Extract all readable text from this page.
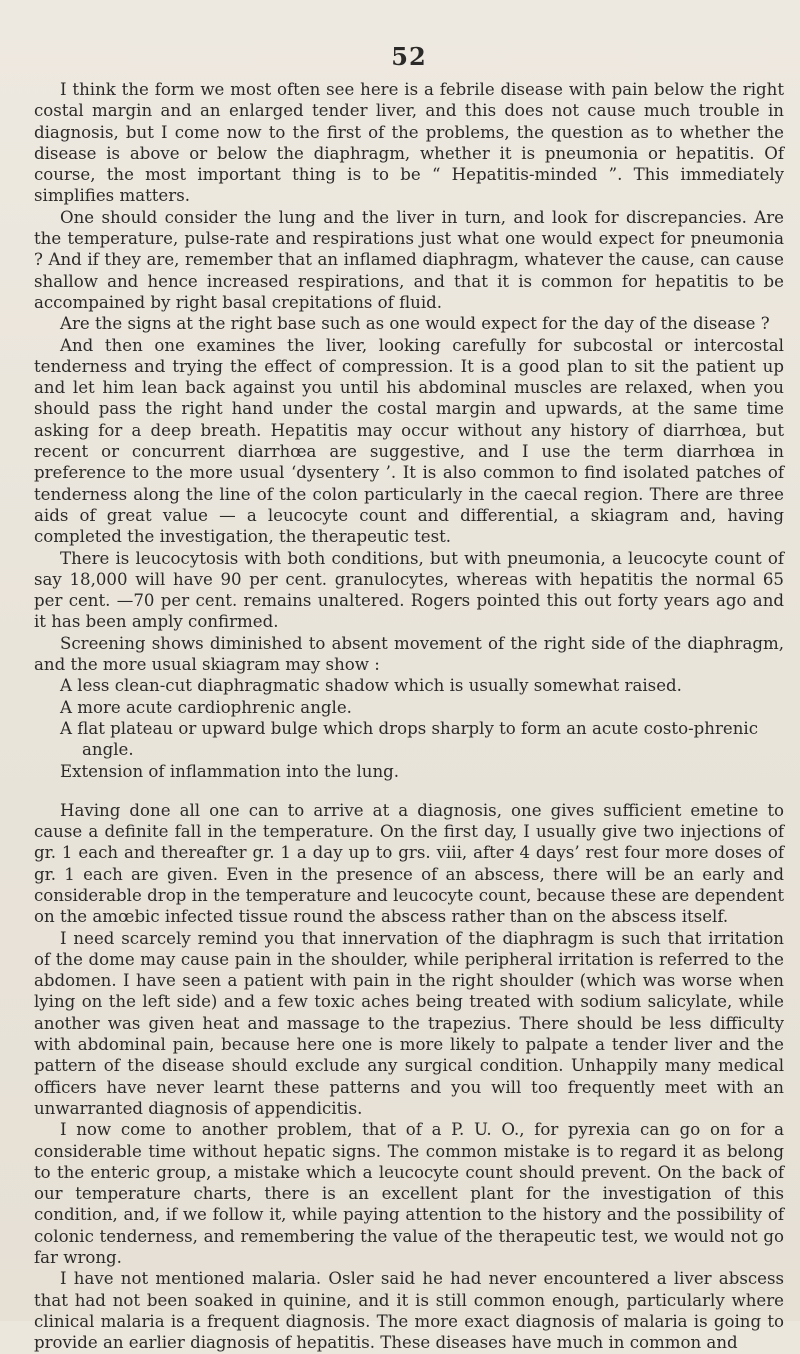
52

I think the form we most often see here is a febrile disease with pain below the right costal margin and an enlarged tender liver, and this does not cause much trouble in diagnosis, but I come now to the first of the problems, the question as to whether the disease is above or below the diaphragm, whether it is pneumonia or hepatitis. Of course, the most important thing is to be “ Hepatitis-minded ”. This immediately simplifies matters.

One should consider the lung and the liver in turn, and look for discrepancies. Are the temperature, pulse-rate and respirations just what one would expect for pneumonia ? And if they are, remember that an inflamed diaphragm, whatever the cause, can cause shallow and hence increased respirations, and that it is common for hepatitis to be accompained by right basal crepitations of fluid.

Are the signs at the right base such as one would expect for the day of the disease ?

And then one examines the liver, looking carefully for subcostal or intercostal tenderness and trying the effect of compression. It is a good plan to sit the patient up and let him lean back against you until his abdominal muscles are relaxed, when you should pass the right hand under the costal margin and upwards, at the same time asking for a deep breath. Hepatitis may occur without any history of diarrhœa, but recent or concurrent diarrhœa are suggestive, and I use the term diarrhœa in preference to the more usual ‘dysentery ’. It is also common to find isolated patches of tenderness along the line of the colon particularly in the caecal region. There are three aids of great value — a leucocyte count and differential, a skiagram and, having completed the investigation, the therapeutic test.

There is leucocytosis with both conditions, but with pneumonia, a leucocyte count of say 18,000 will have 90 per cent. granulocytes, whereas with hepatitis the normal 65 per cent. —70 per cent. remains unaltered. Rogers pointed this out forty years ago and it has been amply confirmed.

Screening shows diminished to absent movement of the right side of the diaphragm, and the more usual skiagram may show :

A less clean-cut diaphragmatic shadow which is usually somewhat raised.
A more acute cardiophrenic angle.
A flat plateau or upward bulge which drops sharply to form an acute costo-phrenic
angle.
Extension of inflammation into the lung.

Having done all one can to arrive at a diagnosis, one gives sufficient emetine to cause a definite fall in the temperature. On the first day, I usually give two injections of gr. 1 each and thereafter gr. 1 a day up to grs. viii, after 4 days’ rest four more doses of gr. 1 each are given. Even in the presence of an abscess, there will be an early and considerable drop in the temperature and leucocyte count, because these are dependent on the amœbic infected tissue round the abscess rather than on the abscess itself.

I need scarcely remind you that innervation of the diaphragm is such that irritation of the dome may cause pain in the shoulder, while peripheral irritation is referred to the abdomen. I have seen a patient with pain in the right shoulder (which was worse when lying on the left side) and a few toxic aches being treated with sodium salicylate, while another was given heat and massage to the trapezius. There should be less difficulty with abdominal pain, because here one is more likely to palpate a tender liver and the pattern of the disease should exclude any surgical condition. Unhappily many medical officers have never learnt these patterns and you will too frequently meet with an unwarranted diagnosis of appendicitis.

I now come to another problem, that of a P. U. O., for pyrexia can go on for a considerable time without hepatic signs. The common mistake is to regard it as belong to the enteric group, a mistake which a leucocyte count should prevent. On the back of our temperature charts, there is an excellent plant for the investigation of this condition, and, if we follow it, while paying attention to the history and the possibility of colonic tenderness, and remembering the value of the therapeutic test, we would not go far wrong.

I have not mentioned malaria. Osler said he had never encountered a liver abscess that had not been soaked in quinine, and it is still common enough, particularly where clinical malaria is a frequent diagnosis. The more exact diagnosis of malaria is going to provide an earlier diagnosis of hepatitis. These diseases have much in common and
